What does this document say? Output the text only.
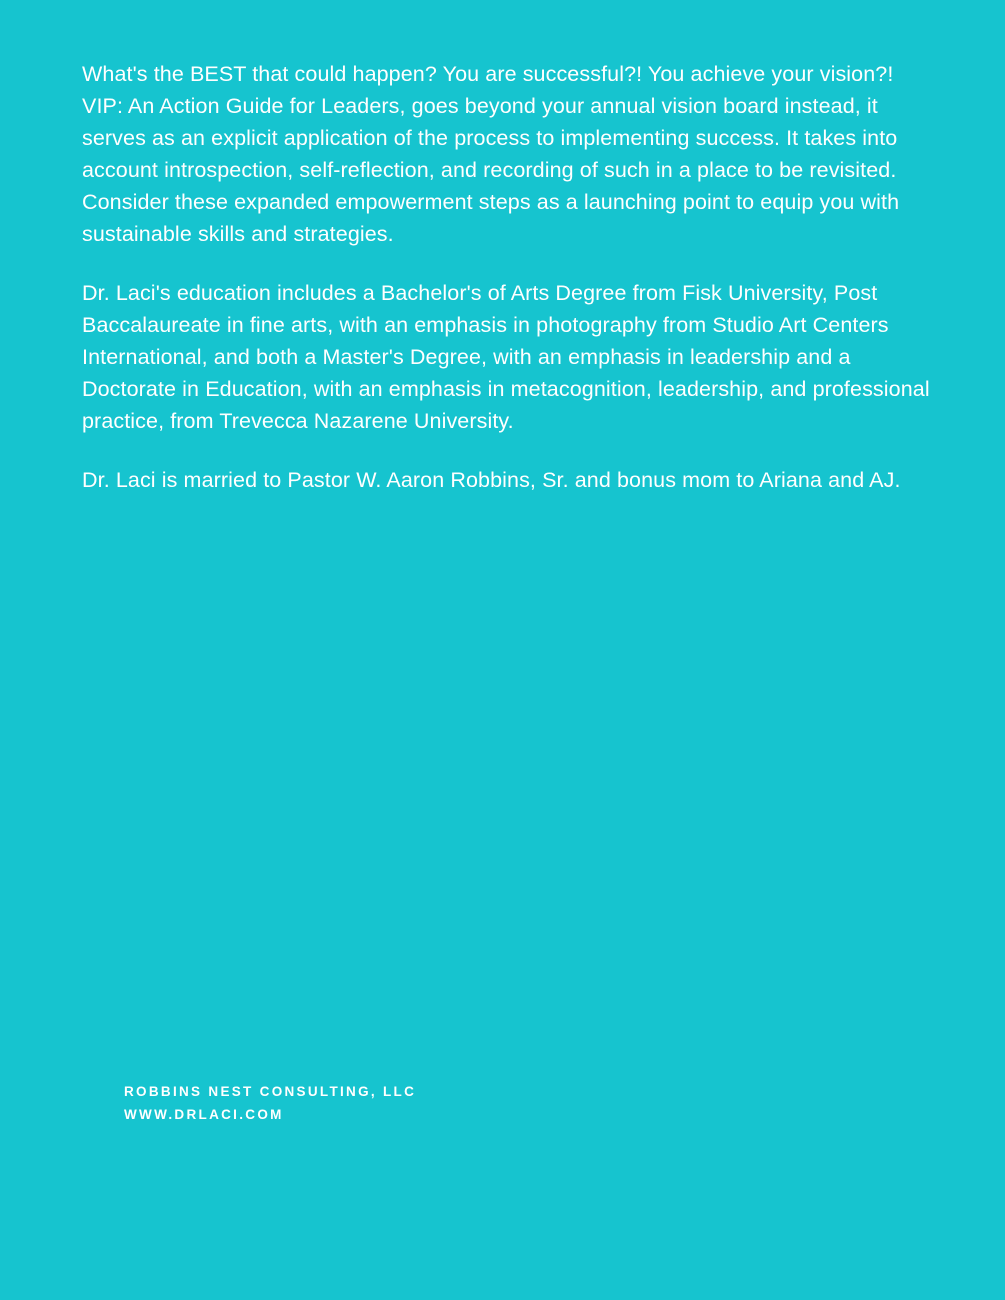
What's the BEST that could happen? You are successful?! You achieve your vision?! VIP: An Action Guide for Leaders, goes beyond your annual vision board instead, it serves as an explicit application of the process to implementing success. It takes into account introspection, self-reflection, and recording of such in a place to be revisited. Consider these expanded empowerment steps as a launching point to equip you with sustainable skills and strategies.

Dr. Laci's education includes a Bachelor's of Arts Degree from Fisk University, Post Baccalaureate in fine arts, with an emphasis in photography from Studio Art Centers International, and both a Master's Degree, with an emphasis in leadership and a Doctorate in Education, with an emphasis in metacognition, leadership, and professional practice, from Trevecca Nazarene University.

Dr. Laci is married to Pastor W. Aaron Robbins, Sr. and bonus mom to Ariana and AJ.

ROBBINS NEST CONSULTING, LLC
WWW.DRLACI.COM
